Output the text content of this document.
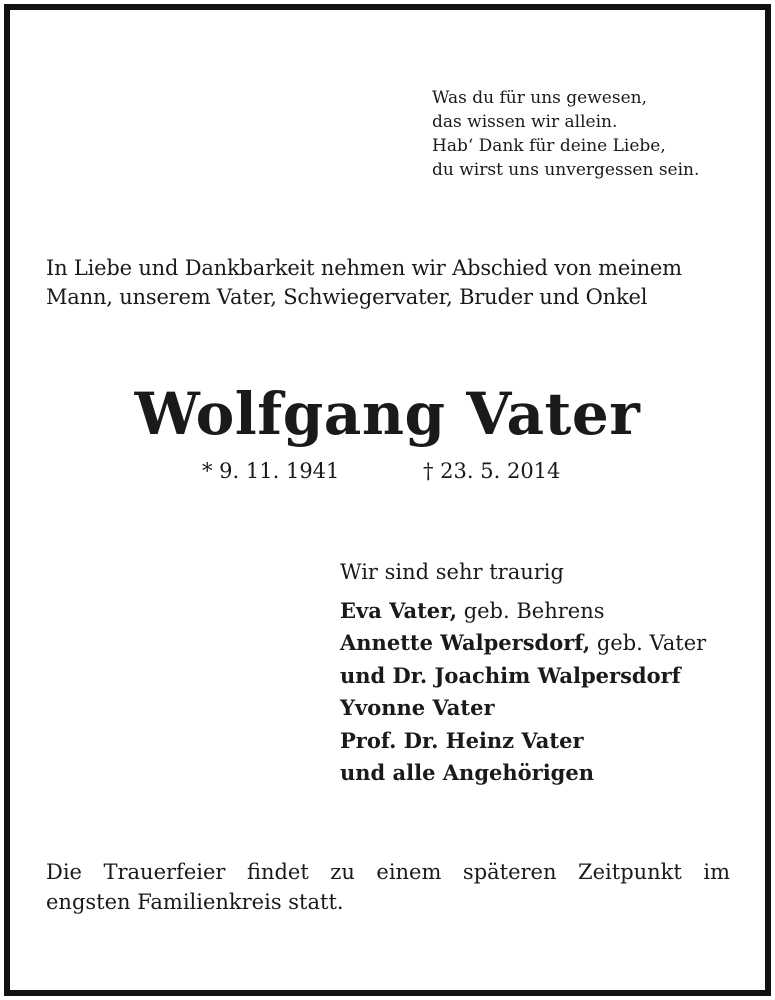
Was du für uns gewesen,
das wissen wir allein.
Hab‘ Dank für deine Liebe,
du wirst uns unvergessen sein.
In Liebe und Dankbarkeit nehmen wir Abschied von meinem
Mann, unserem Vater, Schwiegervater, Bruder und Onkel
Wolfgang Vater
* 9. 11. 1941	† 23. 5. 2014
Wir sind sehr traurig
Eva Vater, geb. Behrens
Annette Walpersdorf, geb. Vater
und Dr. Joachim Walpersdorf
Yvonne Vater
Prof. Dr. Heinz Vater
und alle Angehörigen
Die Trauerfeier findet zu einem späteren Zeitpunkt im
engsten Familienkreis statt.
